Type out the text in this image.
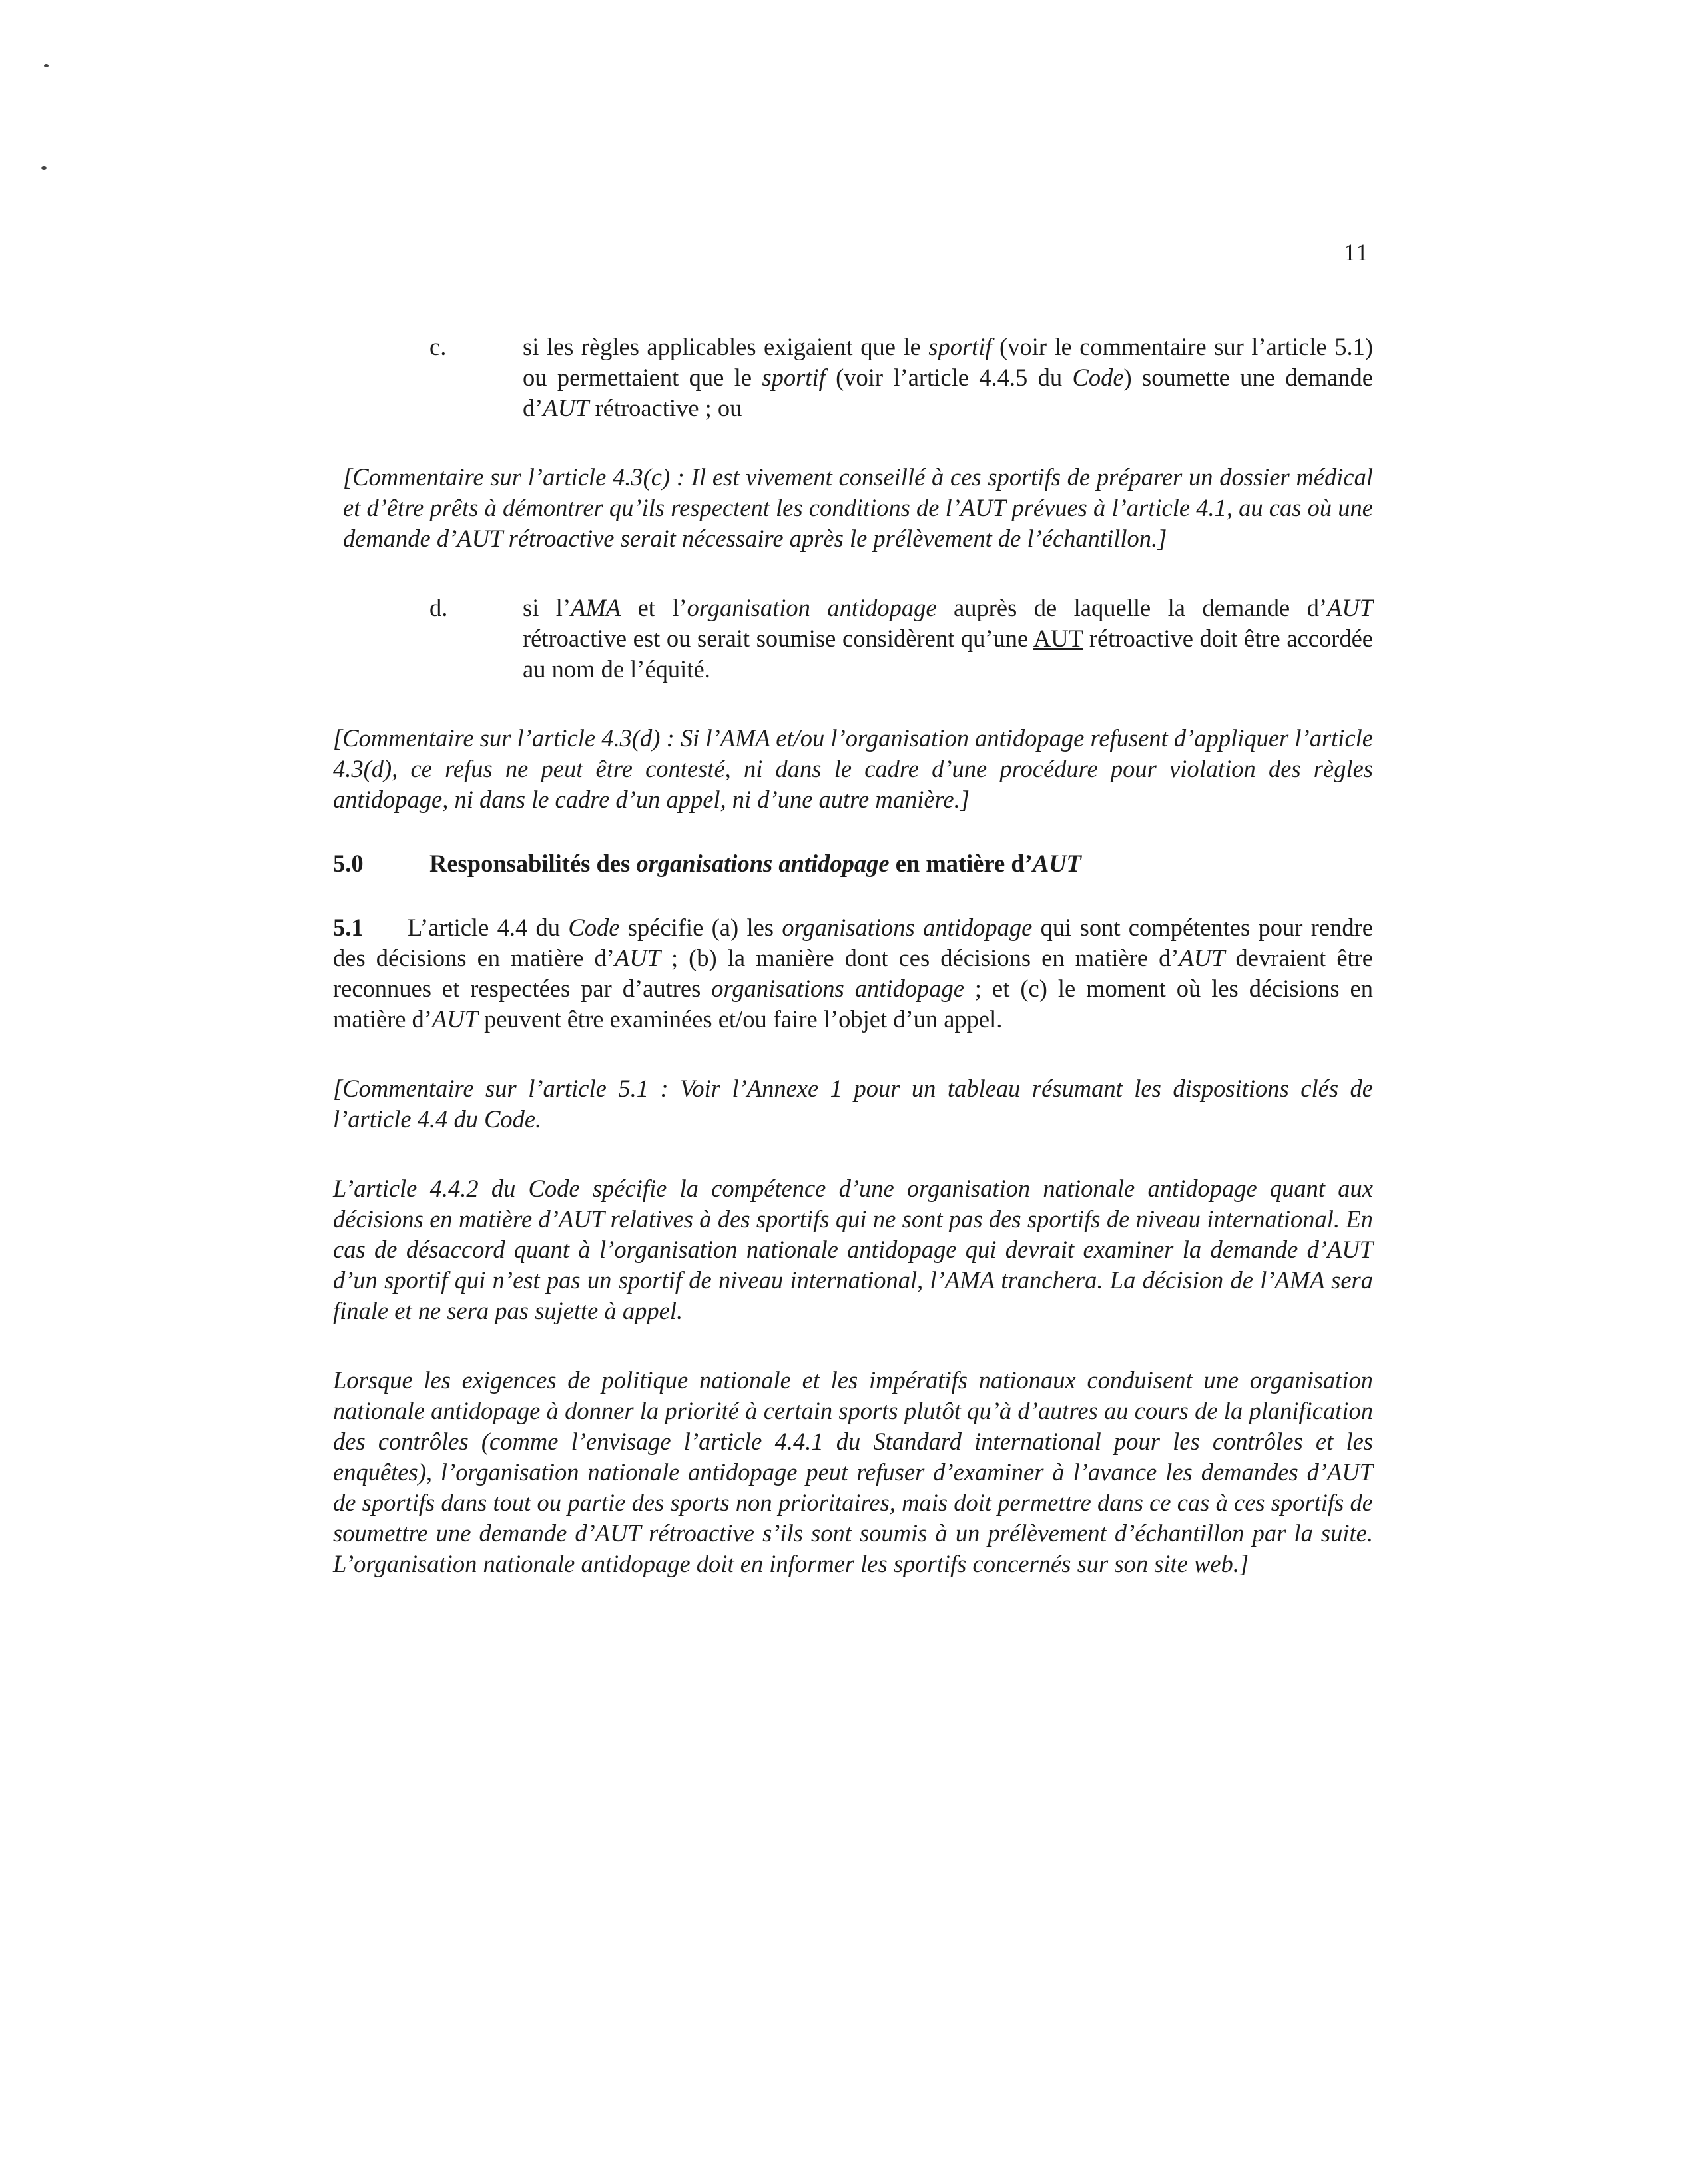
11
c.	si les règles applicables exigaient que le sportif (voir le commentaire sur l’article 5.1) ou permettaient que le sportif (voir l’article 4.4.5 du Code) soumette une demande d’AUT rétroactive ; ou
[Commentaire sur l’article 4.3(c) : Il est vivement conseillé à ces sportifs de préparer un dossier médical et d’être prêts à démontrer qu’ils respectent les conditions de l’AUT prévues à l’article 4.1, au cas où une demande d’AUT rétroactive serait nécessaire après le prélèvement de l’échantillon.]
d.	si l’AMA et l’organisation antidopage auprès de laquelle la demande d’AUT rétroactive est ou serait soumise considèrent qu’une AUT rétroactive doit être accordée au nom de l’équité.
[Commentaire sur l’article 4.3(d) : Si l’AMA et/ou l’organisation antidopage refusent d’appliquer l’article 4.3(d), ce refus ne peut être contesté, ni dans le cadre d’une procédure pour violation des règles antidopage, ni dans le cadre d’un appel, ni d’une autre manière.]
5.0	Responsabilités des organisations antidopage en matière d’AUT
5.1 L’article 4.4 du Code spécifie (a) les organisations antidopage qui sont compétentes pour rendre des décisions en matière d’AUT ; (b) la manière dont ces décisions en matière d’AUT devraient être reconnues et respectées par d’autres organisations antidopage ; et (c) le moment où les décisions en matière d’AUT peuvent être examinées et/ou faire l’objet d’un appel.
[Commentaire sur l’article 5.1 : Voir l’Annexe 1 pour un tableau résumant les dispositions clés de l’article 4.4 du Code.
L’article 4.4.2 du Code spécifie la compétence d’une organisation nationale antidopage quant aux décisions en matière d’AUT relatives à des sportifs qui ne sont pas des sportifs de niveau international. En cas de désaccord quant à l’organisation nationale antidopage qui devrait examiner la demande d’AUT d’un sportif qui n’est pas un sportif de niveau international, l’AMA tranchera. La décision de l’AMA sera finale et ne sera pas sujette à appel.
Lorsque les exigences de politique nationale et les impératifs nationaux conduisent une organisation nationale antidopage à donner la priorité à certain sports plutôt qu’à d’autres au cours de la planification des contrôles (comme l’envisage l’article 4.4.1 du Standard international pour les contrôles et les enquêtes), l’organisation nationale antidopage peut refuser d’examiner à l’avance les demandes d’AUT de sportifs dans tout ou partie des sports non prioritaires, mais doit permettre dans ce cas à ces sportifs de soumettre une demande d’AUT rétroactive s’ils sont soumis à un prélèvement d’échantillon par la suite. L’organisation nationale antidopage doit en informer les sportifs concernés sur son site web.]
